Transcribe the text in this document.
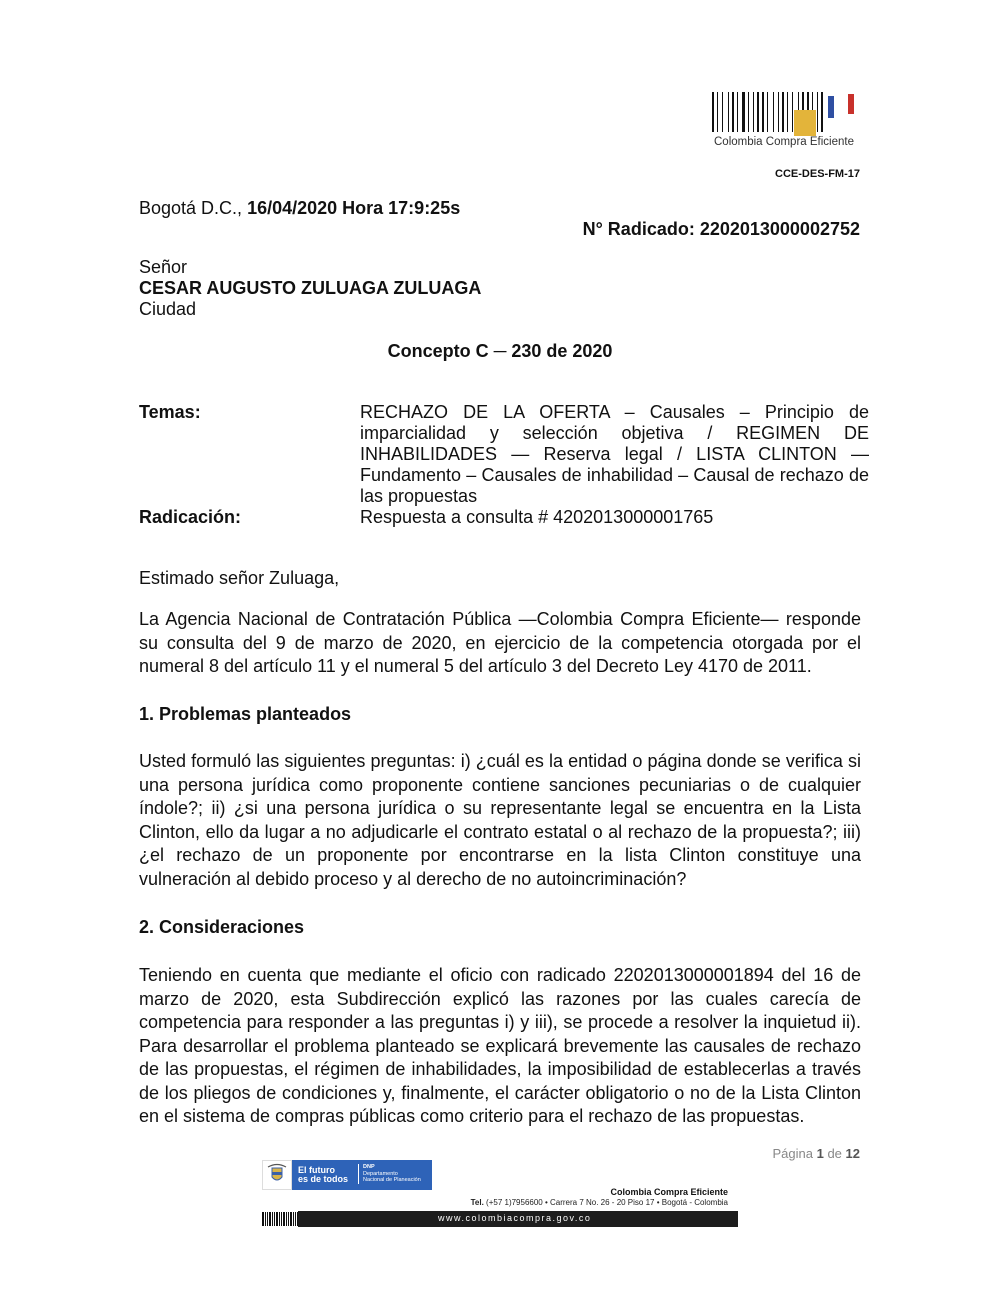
Colombia Compra Eficiente
CCE-DES-FM-17
Bogotá D.C., 16/04/2020 Hora 17:9:25s
N° Radicado: 2202013000002752
Señor
CESAR AUGUSTO ZULUAGA ZULUAGA
Ciudad
Concepto C ─ 230 de 2020
Temas:	RECHAZO DE LA OFERTA – Causales – Principio de imparcialidad y selección objetiva / REGIMEN DE INHABILIDADES — Reserva legal / LISTA CLINTON — Fundamento – Causales de inhabilidad – Causal de rechazo de las propuestas
Radicación:	Respuesta a consulta # 4202013000001765
Estimado señor Zuluaga,
La Agencia Nacional de Contratación Pública —Colombia Compra Eficiente— responde su consulta del 9 de marzo de 2020, en ejercicio de la competencia otorgada por el numeral 8 del artículo 11 y el numeral 5 del artículo 3 del Decreto Ley 4170 de 2011.
1. Problemas planteados
Usted formuló las siguientes preguntas: i) ¿cuál es la entidad o página donde se verifica si una persona jurídica como proponente contiene sanciones pecuniarias o de cualquier índole?; ii) ¿si una persona jurídica o su representante legal se encuentra en la Lista Clinton, ello da lugar a no adjudicarle el contrato estatal o al rechazo de la propuesta?; iii) ¿el rechazo de un proponente por encontrarse en la lista Clinton constituye una vulneración al debido proceso y al derecho de no autoincriminación?
2. Consideraciones
Teniendo en cuenta que mediante el oficio con radicado 2202013000001894 del 16 de marzo de 2020, esta Subdirección explicó las razones por las cuales carecía de competencia para responder a las preguntas i) y iii), se procede a resolver la inquietud ii). Para desarrollar el problema planteado se explicará brevemente las causales de rechazo de las propuestas, el régimen de inhabilidades, la imposibilidad de establecerlas a través de los pliegos de condiciones y, finalmente, el carácter obligatorio o no de la Lista Clinton en el sistema de compras públicas como criterio para el rechazo de las propuestas.
Página 1 de 12
El futuro
es de todos
DNP
Departamento
Nacional de Planeación
Colombia Compra Eficiente
Tel. (+57 1)7956600 • Carrera 7 No. 26 - 20 Piso 17 • Bogotá - Colombia
www.colombiacompra.gov.co
